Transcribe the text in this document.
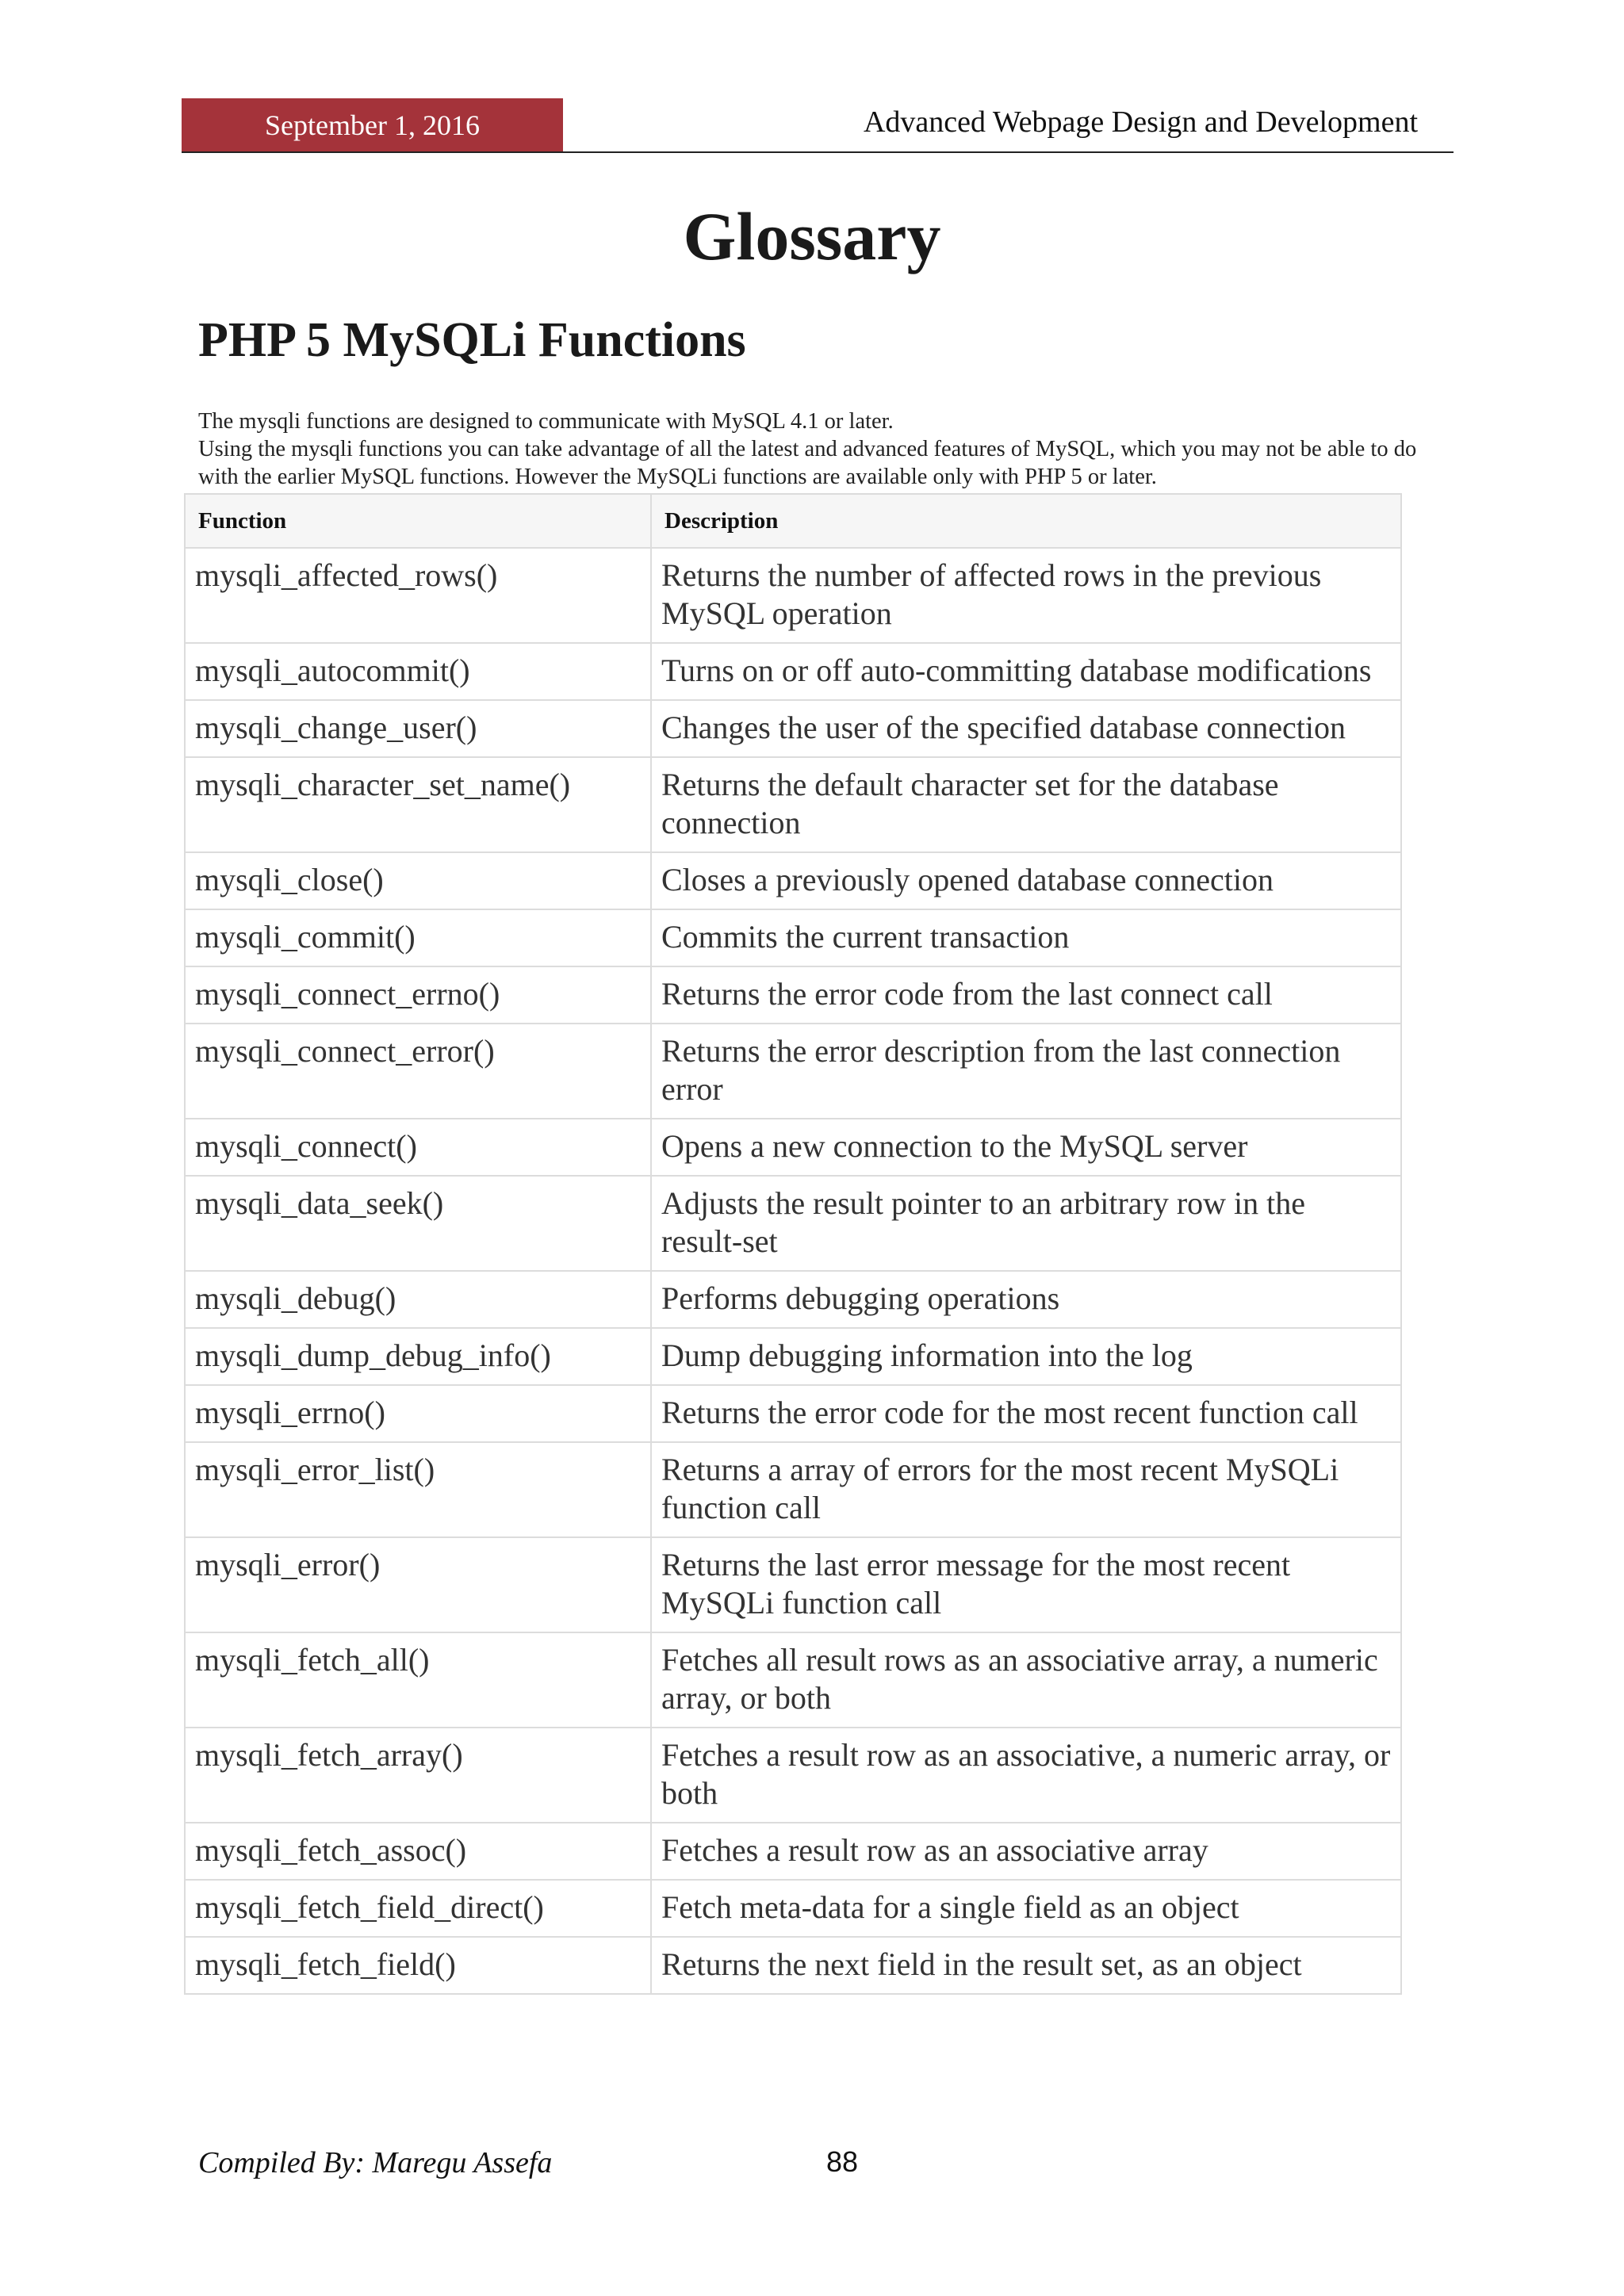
September 1, 2016	Advanced Webpage Design and Development
Glossary
PHP 5 MySQLi Functions

The mysqli functions are designed to communicate with MySQL 4.1 or later.

Using the mysqli functions you can take advantage of all the latest and advanced features of MySQL, which you may not be able to do with the earlier MySQL functions. However the MySQLi functions are available only with PHP 5 or later.

Function	Description
mysqli_affected_rows()	Returns the number of affected rows in the previous MySQL operation
mysqli_autocommit()	Turns on or off auto-committing database modifications
mysqli_change_user()	Changes the user of the specified database connection
mysqli_character_set_name()	Returns the default character set for the database connection
mysqli_close()	Closes a previously opened database connection
mysqli_commit()	Commits the current transaction
mysqli_connect_errno()	Returns the error code from the last connect call
mysqli_connect_error()	Returns the error description from the last connection error
mysqli_connect()	Opens a new connection to the MySQL server
mysqli_data_seek()	Adjusts the result pointer to an arbitrary row in the result-set
mysqli_debug()	Performs debugging operations
mysqli_dump_debug_info()	Dump debugging information into the log
mysqli_errno()	Returns the error code for the most recent function call
mysqli_error_list()	Returns a array of errors for the most recent MySQLi function call
mysqli_error()	Returns the last error message for the most recent MySQLi function call
mysqli_fetch_all()	Fetches all result rows as an associative array, a numeric array, or both
mysqli_fetch_array()	Fetches a result row as an associative, a numeric array, or both
mysqli_fetch_assoc()	Fetches a result row as an associative array
mysqli_fetch_field_direct()	Fetch meta-data for a single field as an object
mysqli_fetch_field()	Returns the next field in the result set, as an object
Compiled By: Maregu Assefa	88
